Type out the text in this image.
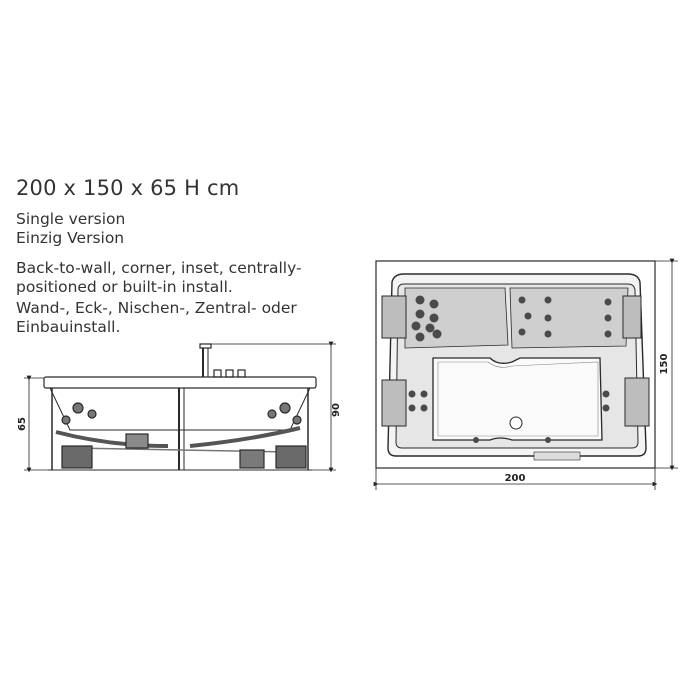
200 x 150 x 65 H cm
Single version
Einzig Version
Back-to-wall, corner, inset, centrally-
positioned or built-in install.
Wand-, Eck-, Nischen-, Zentral- oder
Einbauinstall.
65
90
200
150
